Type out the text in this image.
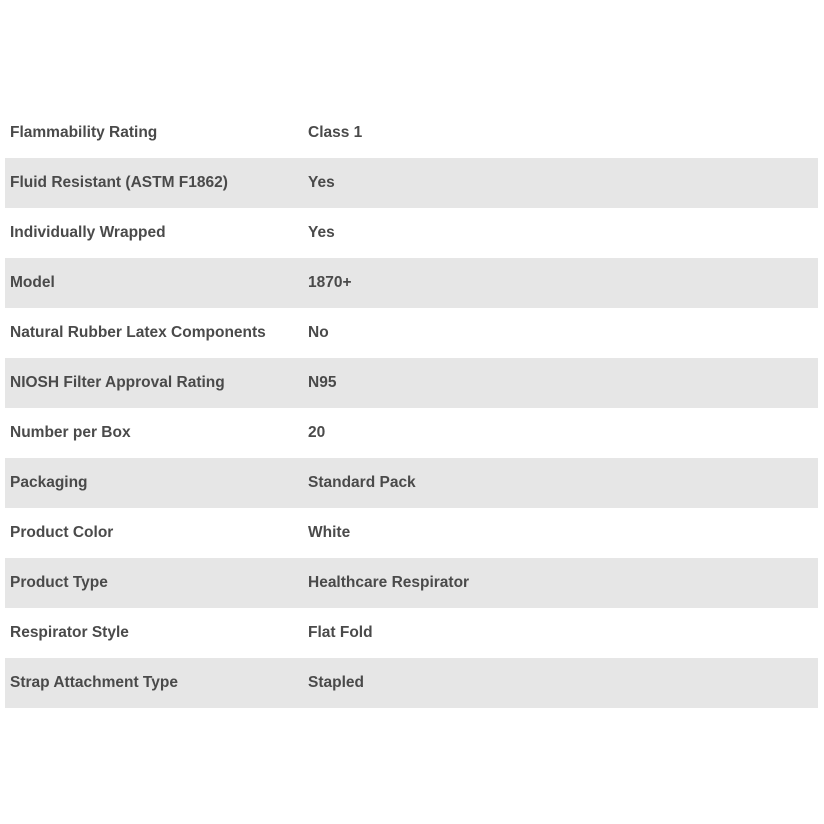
Flammability Rating	Class 1
Fluid Resistant (ASTM F1862)	Yes
Individually Wrapped	Yes
Model	1870+
Natural Rubber Latex Components	No
NIOSH Filter Approval Rating	N95
Number per Box	20
Packaging	Standard Pack
Product Color	White
Product Type	Healthcare Respirator
Respirator Style	Flat Fold
Strap Attachment Type	Stapled
